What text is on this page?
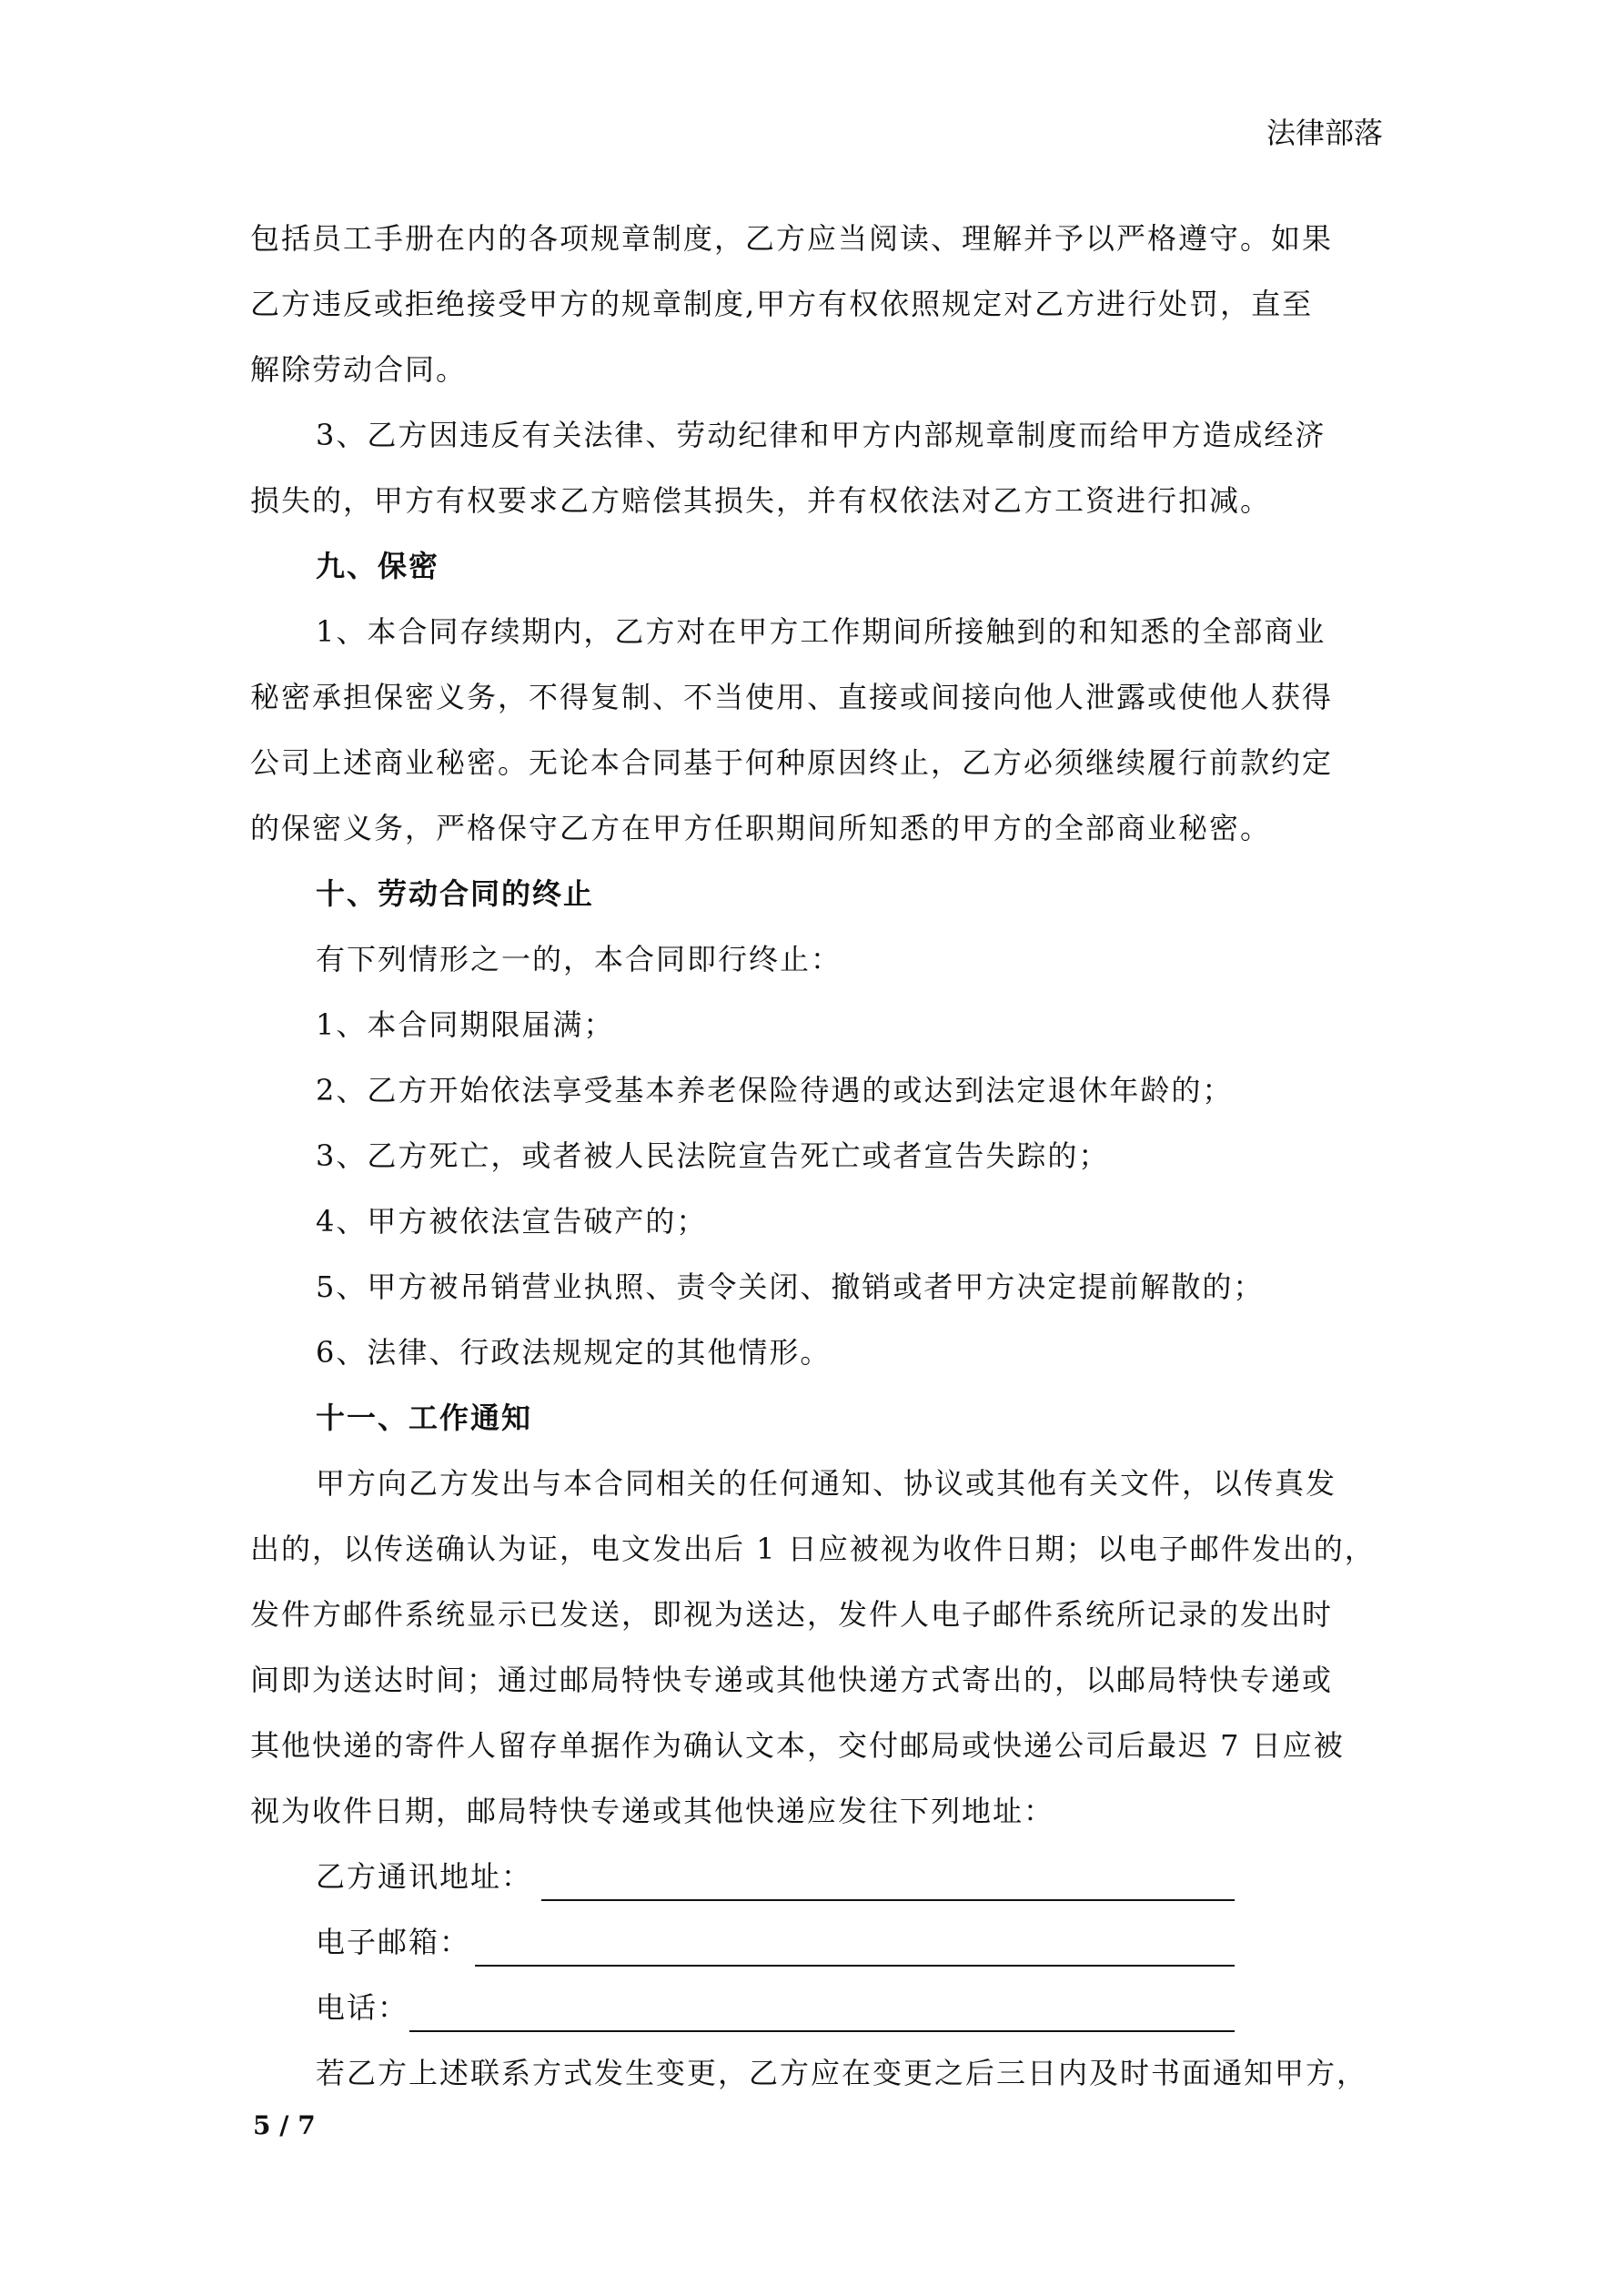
法律部落
包括员工手册在内的各项规章制度，乙方应当阅读、理解并予以严格遵守。如果
乙方违反或拒绝接受甲方的规章制度,甲方有权依照规定对乙方进行处罚，直至
解除劳动合同。
3、乙方因违反有关法律、劳动纪律和甲方内部规章制度而给甲方造成经济
损失的，甲方有权要求乙方赔偿其损失，并有权依法对乙方工资进行扣减。
九、保密
1、本合同存续期内，乙方对在甲方工作期间所接触到的和知悉的全部商业
秘密承担保密义务，不得复制、不当使用、直接或间接向他人泄露或使他人获得
公司上述商业秘密。无论本合同基于何种原因终止，乙方必须继续履行前款约定
的保密义务，严格保守乙方在甲方任职期间所知悉的甲方的全部商业秘密。
十、劳动合同的终止
有下列情形之一的，本合同即行终止：
1、本合同期限届满；
2、乙方开始依法享受基本养老保险待遇的或达到法定退休年龄的；
3、乙方死亡，或者被人民法院宣告死亡或者宣告失踪的；
4、甲方被依法宣告破产的；
5、甲方被吊销营业执照、责令关闭、撤销或者甲方决定提前解散的；
6、法律、行政法规规定的其他情形。
十一、工作通知
甲方向乙方发出与本合同相关的任何通知、协议或其他有关文件，以传真发
出的，以传送确认为证，电文发出后 1 日应被视为收件日期；以电子邮件发出的，
发件方邮件系统显示已发送，即视为送达，发件人电子邮件系统所记录的发出时
间即为送达时间；通过邮局特快专递或其他快递方式寄出的，以邮局特快专递或
其他快递的寄件人留存单据作为确认文本，交付邮局或快递公司后最迟 7 日应被
视为收件日期，邮局特快专递或其他快递应发往下列地址：
乙方通讯地址：
电子邮箱：
电话：
若乙方上述联系方式发生变更，乙方应在变更之后三日内及时书面通知甲方，
5 / 7
